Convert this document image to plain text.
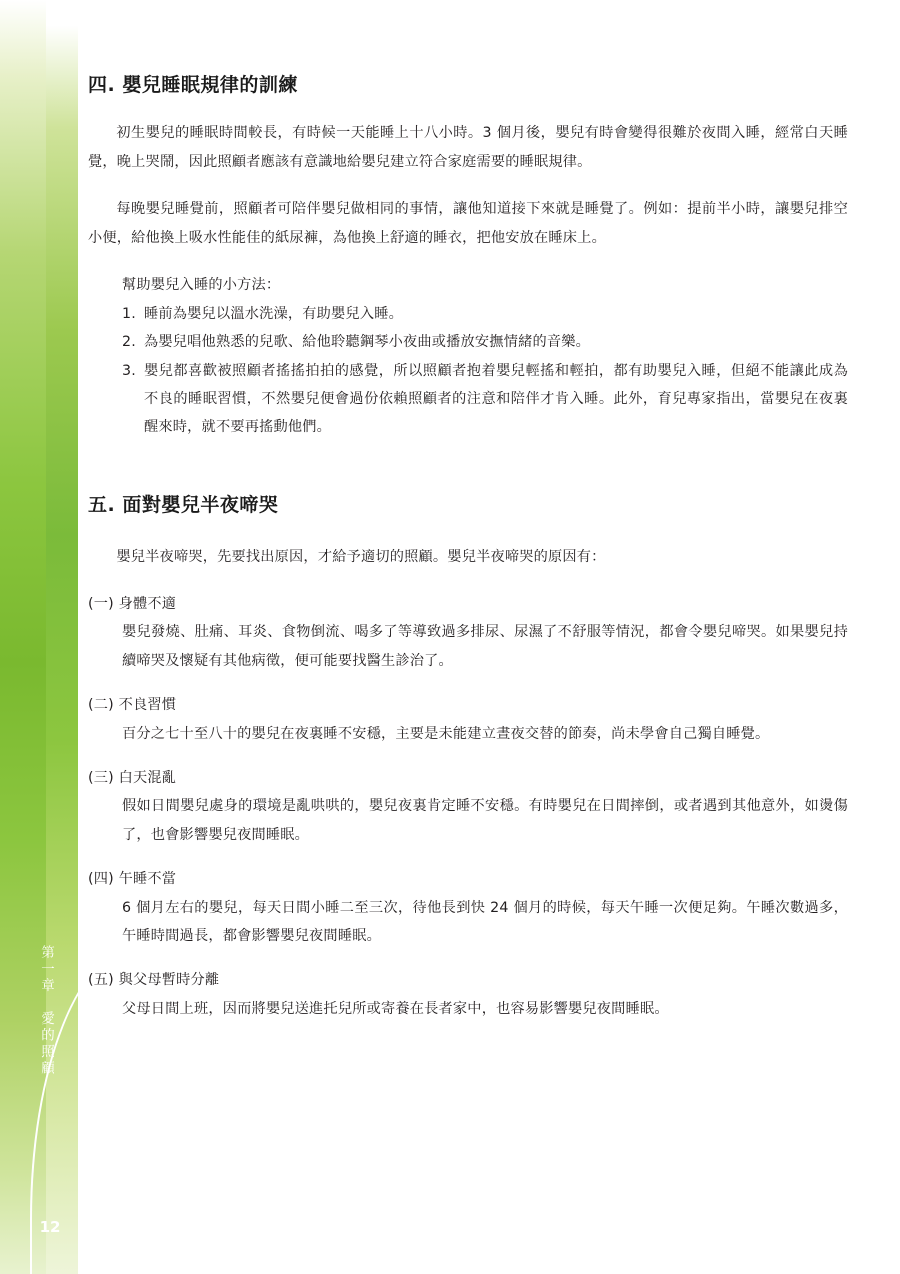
第一章　愛的照顧
12
四. 嬰兒睡眠規律的訓練

初生嬰兒的睡眠時間較長，有時候一天能睡上十八小時。3 個月後，嬰兒有時會變得很難於夜間入睡，經常白天睡覺，晚上哭鬧，因此照顧者應該有意識地給嬰兒建立符合家庭需要的睡眠規律。

每晚嬰兒睡覺前，照顧者可陪伴嬰兒做相同的事情，讓他知道接下來就是睡覺了。例如：提前半小時，讓嬰兒排空小便，給他換上吸水性能佳的紙尿褲，為他換上舒適的睡衣，把他安放在睡床上。

幫助嬰兒入睡的小方法：
1. 睡前為嬰兒以溫水洗澡，有助嬰兒入睡。
2. 為嬰兒唱他熟悉的兒歌、給他聆聽鋼琴小夜曲或播放安撫情緒的音樂。
3. 嬰兒都喜歡被照顧者搖搖拍拍的感覺，所以照顧者抱着嬰兒輕搖和輕拍，都有助嬰兒入睡，但絕不能讓此成為不良的睡眠習慣，不然嬰兒便會過份依賴照顧者的注意和陪伴才肯入睡。此外，育兒專家指出，當嬰兒在夜裏醒來時，就不要再搖動他們。
五. 面對嬰兒半夜啼哭

嬰兒半夜啼哭，先要找出原因，才給予適切的照顧。嬰兒半夜啼哭的原因有：

(一) 身體不適
嬰兒發燒、肚痛、耳炎、食物倒流、喝多了等導致過多排尿、尿濕了不舒服等情況，都會令嬰兒啼哭。如果嬰兒持續啼哭及懷疑有其他病徵，便可能要找醫生診治了。
(二) 不良習慣
百分之七十至八十的嬰兒在夜裏睡不安穩，主要是未能建立晝夜交替的節奏，尚未學會自己獨自睡覺。
(三) 白天混亂
假如日間嬰兒處身的環境是亂哄哄的，嬰兒夜裏肯定睡不安穩。有時嬰兒在日間摔倒，或者遇到其他意外，如燙傷了，也會影響嬰兒夜間睡眠。
(四) 午睡不當
6 個月左右的嬰兒，每天日間小睡二至三次，待他長到快 24 個月的時候，每天午睡一次便足夠。午睡次數過多，午睡時間過長，都會影響嬰兒夜間睡眠。
(五) 與父母暫時分離
父母日間上班，因而將嬰兒送進托兒所或寄養在長者家中，也容易影響嬰兒夜間睡眠。
